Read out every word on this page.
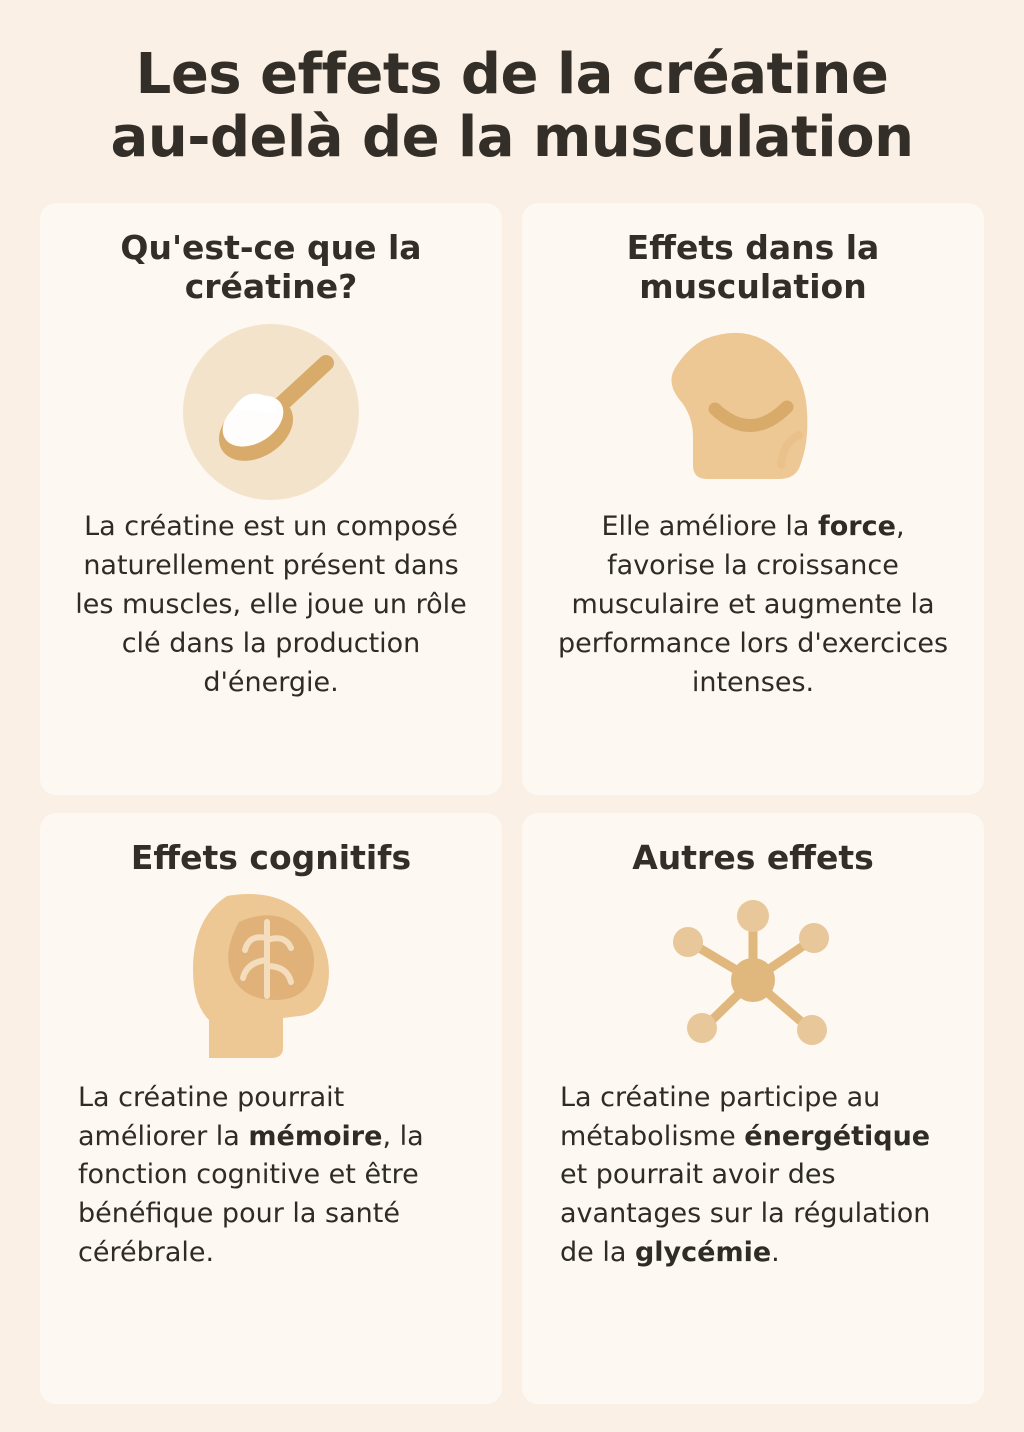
Les effets de la créatine
au-delà de la musculation
Qu'est-ce que la créatine?

La créatine est un composé naturellement présent dans les muscles, elle joue un rôle clé dans la production d'énergie.

Effets dans la musculation

Elle améliore la force, favorise la croissance musculaire et augmente la performance lors d'exercices intenses.

Effets cognitifs

La créatine pourrait améliorer la mémoire, la fonction cognitive et être bénéfique pour la santé cérébrale.

Autres effets

La créatine participe au métabolisme énergétique et pourrait avoir des avantages sur la régulation de la glycémie.
